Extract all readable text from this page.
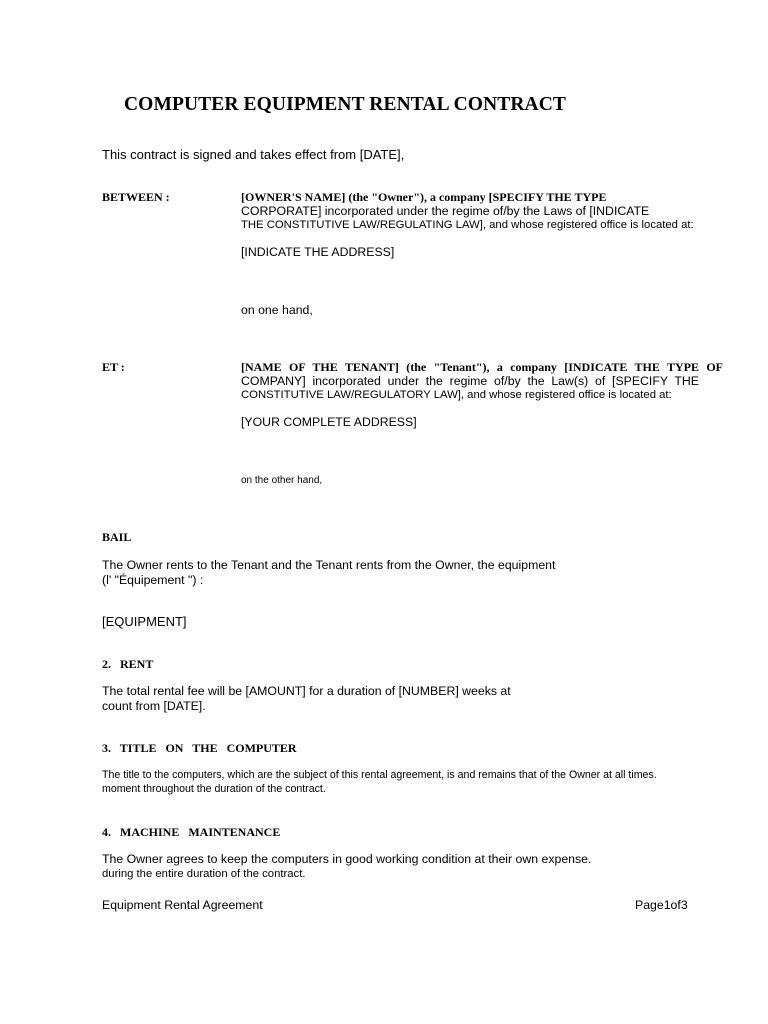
COMPUTER EQUIPMENT RENTAL CONTRACT
This contract is signed and takes effect from [DATE],
BETWEEN :	[OWNER'S NAME] (the "Owner"), a company [SPECIFY THE TYPE
CORPORATE] incorporated under the regime of/by the Laws of [INDICATE
THE CONSTITUTIVE LAW/REGULATING LAW], and whose registered office is located at:
[INDICATE THE ADDRESS]
on one hand,
ET :	[NAME OF THE TENANT] (the "Tenant"), a company [INDICATE THE TYPE OF
COMPANY] incorporated under the regime of/by the Law(s) of [SPECIFY THE
CONSTITUTIVE LAW/REGULATORY LAW], and whose registered office is located at:
[YOUR COMPLETE ADDRESS]
on the other hand,
BAIL
The Owner rents to the Tenant and the Tenant rents from the Owner, the equipment
(l' "Équipement ") :
[EQUIPMENT]
2.   RENT
The total rental fee will be [AMOUNT] for a duration of [NUMBER] weeks at
count from [DATE].
3.   TITLE   ON   THE   COMPUTER
The title to the computers, which are the subject of this rental agreement, is and remains that of the Owner at all times.
moment throughout the duration of the contract.
4.   MACHINE   MAINTENANCE
The Owner agrees to keep the computers in good working condition at their own expense.
during the entire duration of the contract.
Equipment Rental Agreement	Page1of3
